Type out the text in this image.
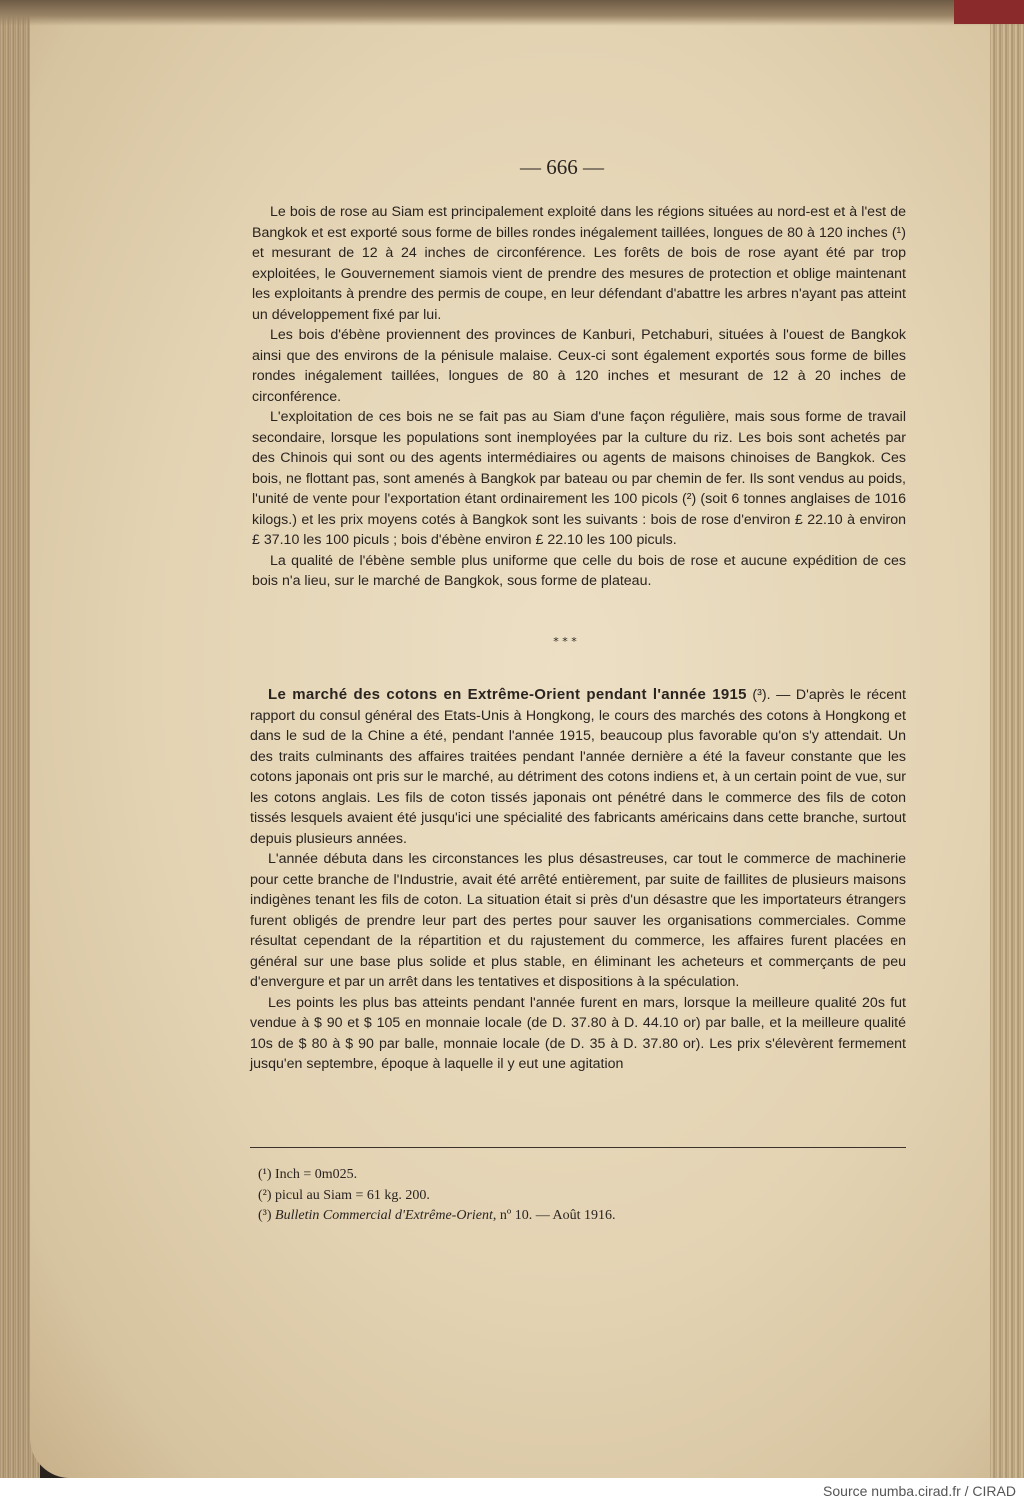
— 666 —

Le bois de rose au Siam est principalement exploité dans les régions situées au nord-est et à l'est de Bangkok et est exporté sous forme de billes rondes inégalement taillées, longues de 80 à 120 inches (¹) et mesurant de 12 à 24 inches de circonférence. Les forêts de bois de rose ayant été par trop exploitées, le Gouvernement siamois vient de prendre des mesures de protection et oblige maintenant les exploitants à prendre des permis de coupe, en leur défendant d'abattre les arbres n'ayant pas atteint un développement fixé par lui.

Les bois d'ébène proviennent des provinces de Kanburi, Petchaburi, situées à l'ouest de Bangkok ainsi que des environs de la pénisule malaise. Ceux-ci sont également exportés sous forme de billes rondes inégalement taillées, longues de 80 à 120 inches et mesurant de 12 à 20 inches de circonférence.

L'exploitation de ces bois ne se fait pas au Siam d'une façon régulière, mais sous forme de travail secondaire, lorsque les populations sont inemployées par la culture du riz. Les bois sont achetés par des Chinois qui sont ou des agents intermédiaires ou agents de maisons chinoises de Bangkok. Ces bois, ne flottant pas, sont amenés à Bangkok par bateau ou par chemin de fer. Ils sont vendus au poids, l'unité de vente pour l'exportation étant ordinairement les 100 picols (²) (soit 6 tonnes anglaises de 1016 kilogs.) et les prix moyens cotés à Bangkok sont les suivants : bois de rose d'environ £ 22.10 à environ £ 37.10 les 100 piculs ; bois d'ébène environ £ 22.10 les 100 piculs.

La qualité de l'ébène semble plus uniforme que celle du bois de rose et aucune expédition de ces bois n'a lieu, sur le marché de Bangkok, sous forme de plateau.

* * *

Le marché des cotons en Extrême-Orient pendant l'année 1915 (³). — D'après le récent rapport du consul général des Etats-Unis à Hongkong, le cours des marchés des cotons à Hongkong et dans le sud de la Chine a été, pendant l'année 1915, beaucoup plus favorable qu'on s'y attendait. Un des traits culminants des affaires traitées pendant l'année dernière a été la faveur constante que les cotons japonais ont pris sur le marché, au détriment des cotons indiens et, à un certain point de vue, sur les cotons anglais. Les fils de coton tissés japonais ont pénétré dans le commerce des fils de coton tissés lesquels avaient été jusqu'ici une spécialité des fabricants américains dans cette branche, surtout depuis plusieurs années.

L'année débuta dans les circonstances les plus désastreuses, car tout le commerce de machinerie pour cette branche de l'Industrie, avait été arrêté entièrement, par suite de faillites de plusieurs maisons indigènes tenant les fils de coton. La situation était si près d'un désastre que les importateurs étrangers furent obligés de prendre leur part des pertes pour sauver les organisations commerciales. Comme résultat cependant de la répartition et du rajustement du commerce, les affaires furent placées en général sur une base plus solide et plus stable, en éliminant les acheteurs et commerçants de peu d'envergure et par un arrêt dans les tentatives et dispositions à la spéculation.

Les points les plus bas atteints pendant l'année furent en mars, lorsque la meilleure qualité 20s fut vendue à $ 90 et $ 105 en monnaie locale (de D. 37.80 à D. 44.10 or) par balle, et la meilleure qualité 10s de $ 80 à $ 90 par balle, monnaie locale (de D. 35 à D. 37.80 or). Les prix s'élevèrent fermement jusqu'en septembre, époque à laquelle il y eut une agitation

(¹) Inch = 0m025.
(²) picul au Siam = 61 kg. 200.
(³) Bulletin Commercial d'Extrême-Orient, nº 10. — Août 1916.
Source numba.cirad.fr / CIRAD
